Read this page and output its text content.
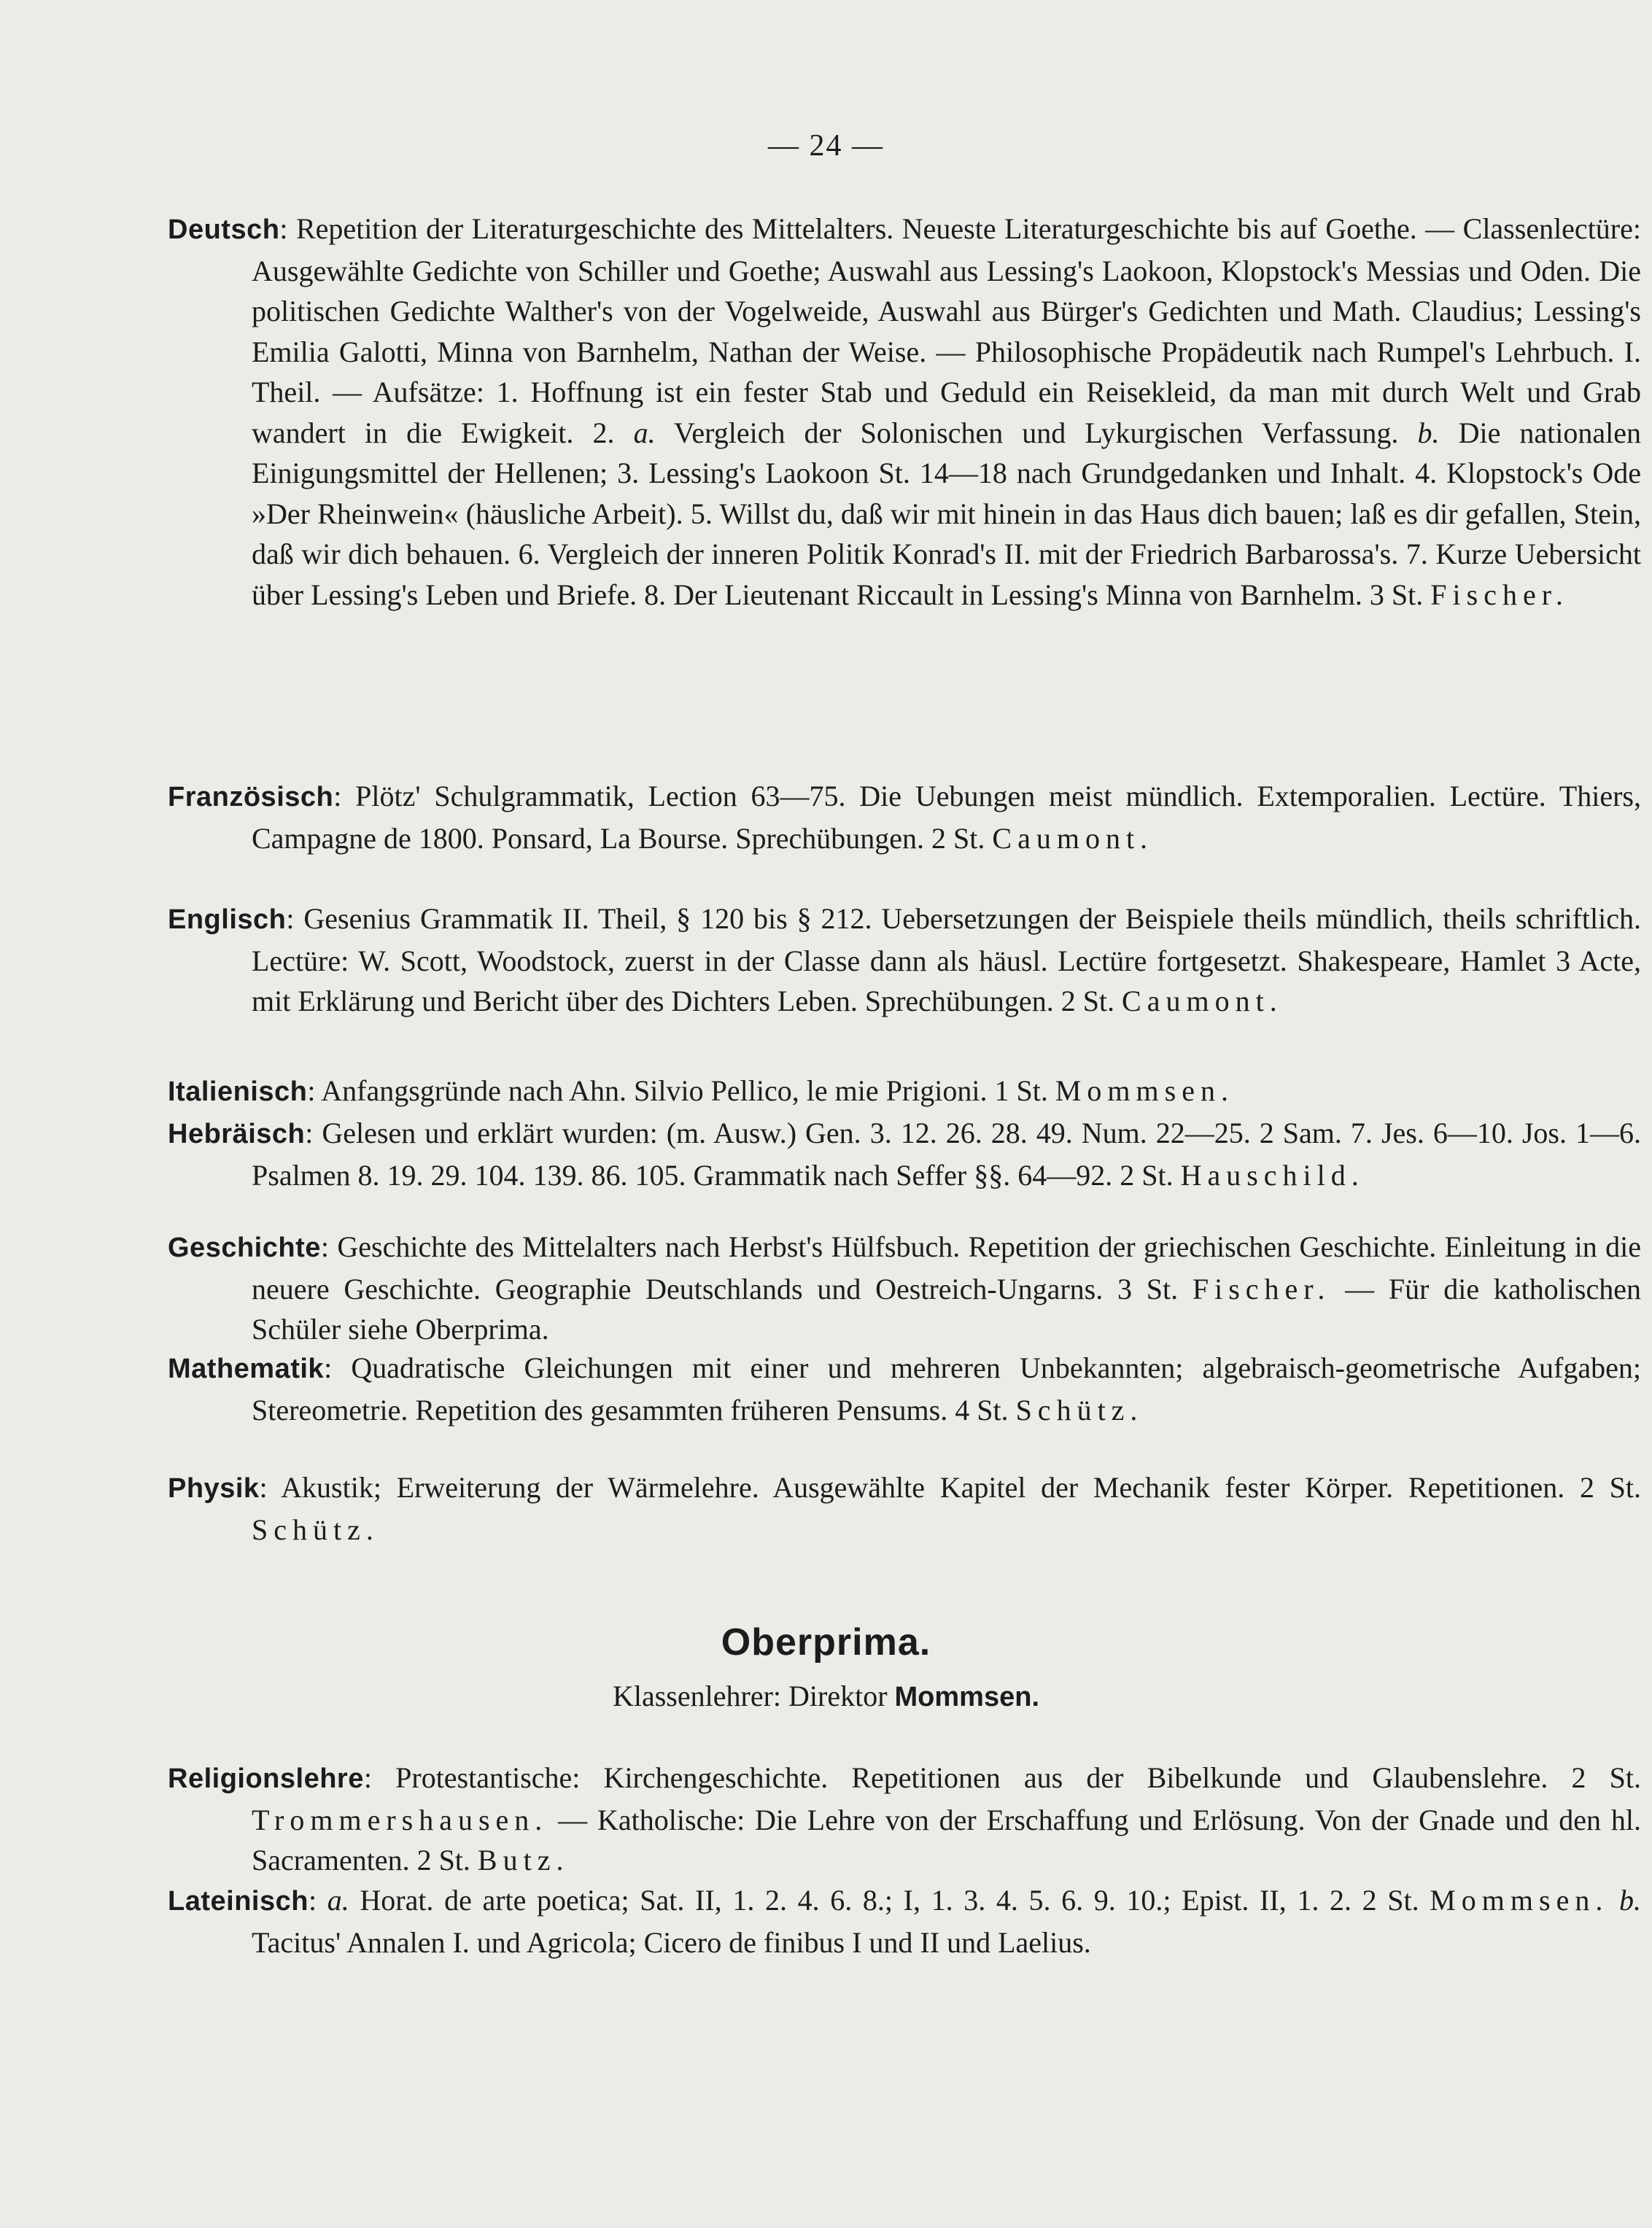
— 24 —
Deutsch: Repetition der Literaturgeschichte des Mittelalters. Neueste Literaturgeschichte bis auf Goethe. — Classenlectüre: Ausgewählte Gedichte von Schiller und Goethe; Auswahl aus Lessing's Laokoon, Klopstock's Messias und Oden. Die politischen Gedichte Walther's von der Vogelweide, Auswahl aus Bürger's Gedichten und Math. Claudius; Lessing's Emilia Galotti, Minna von Barnhelm, Nathan der Weise. — Philosophische Propädeutik nach Rumpel's Lehrbuch. I. Theil. — Aufsätze: 1. Hoffnung ist ein fester Stab und Geduld ein Reisekleid, da man mit durch Welt und Grab wandert in die Ewigkeit. 2. a. Vergleich der Solonischen und Lykurgischen Verfassung. b. Die nationalen Einigungsmittel der Hellenen; 3. Lessing's Laokoon St. 14—18 nach Grundgedanken und Inhalt. 4. Klopstock's Ode »Der Rheinwein« (häusliche Arbeit). 5. Willst du, daß wir mit hinein in das Haus dich bauen; laß es dir gefallen, Stein, daß wir dich behauen. 6. Vergleich der inneren Politik Konrad's II. mit der Friedrich Barbarossa's. 7. Kurze Uebersicht über Lessing's Leben und Briefe. 8. Der Lieutenant Riccault in Lessing's Minna von Barnhelm. 3 St. Fischer.
Französisch: Plötz' Schulgrammatik, Lection 63—75. Die Uebungen meist mündlich. Extemporalien. Lectüre. Thiers, Campagne de 1800. Ponsard, La Bourse. Sprechübungen. 2 St. Caumont.
Englisch: Gesenius Grammatik II. Theil, § 120 bis § 212. Uebersetzungen der Beispiele theils mündlich, theils schriftlich. Lectüre: W. Scott, Woodstock, zuerst in der Classe dann als häusl. Lectüre fortgesetzt. Shakespeare, Hamlet 3 Acte, mit Erklärung und Bericht über des Dichters Leben. Sprechübungen. 2 St. Caumont.
Italienisch: Anfangsgründe nach Ahn. Silvio Pellico, le mie Prigioni. 1 St. Mommsen.
Hebräisch: Gelesen und erklärt wurden: (m. Ausw.) Gen. 3. 12. 26. 28. 49. Num. 22—25. 2 Sam. 7. Jes. 6—10. Jos. 1—6. Psalmen 8. 19. 29. 104. 139. 86. 105. Grammatik nach Seffer §§. 64—92. 2 St. Hauschild.
Geschichte: Geschichte des Mittelalters nach Herbst's Hülfsbuch. Repetition der griechischen Geschichte. Einleitung in die neuere Geschichte. Geographie Deutschlands und Oestreich-Ungarns. 3 St. Fischer. — Für die katholischen Schüler siehe Oberprima.
Mathematik: Quadratische Gleichungen mit einer und mehreren Unbekannten; algebraisch-geometrische Aufgaben; Stereometrie. Repetition des gesammten früheren Pensums. 4 St. Schütz.
Physik: Akustik; Erweiterung der Wärmelehre. Ausgewählte Kapitel der Mechanik fester Körper. Repetitionen. 2 St. Schütz.
Oberprima.
Klassenlehrer: Direktor Mommsen.
Religionslehre: Protestantische: Kirchengeschichte. Repetitionen aus der Bibelkunde und Glaubenslehre. 2 St. Trommershausen. — Katholische: Die Lehre von der Erschaffung und Erlösung. Von der Gnade und den hl. Sacramenten. 2 St. Butz.
Lateinisch: a. Horat. de arte poetica; Sat. II, 1. 2. 4. 6. 8.; I, 1. 3. 4. 5. 6. 9. 10.; Epist. II, 1. 2. 2 St. Mommsen. b. Tacitus' Annalen I. und Agricola; Cicero de finibus I und II und Laelius.
